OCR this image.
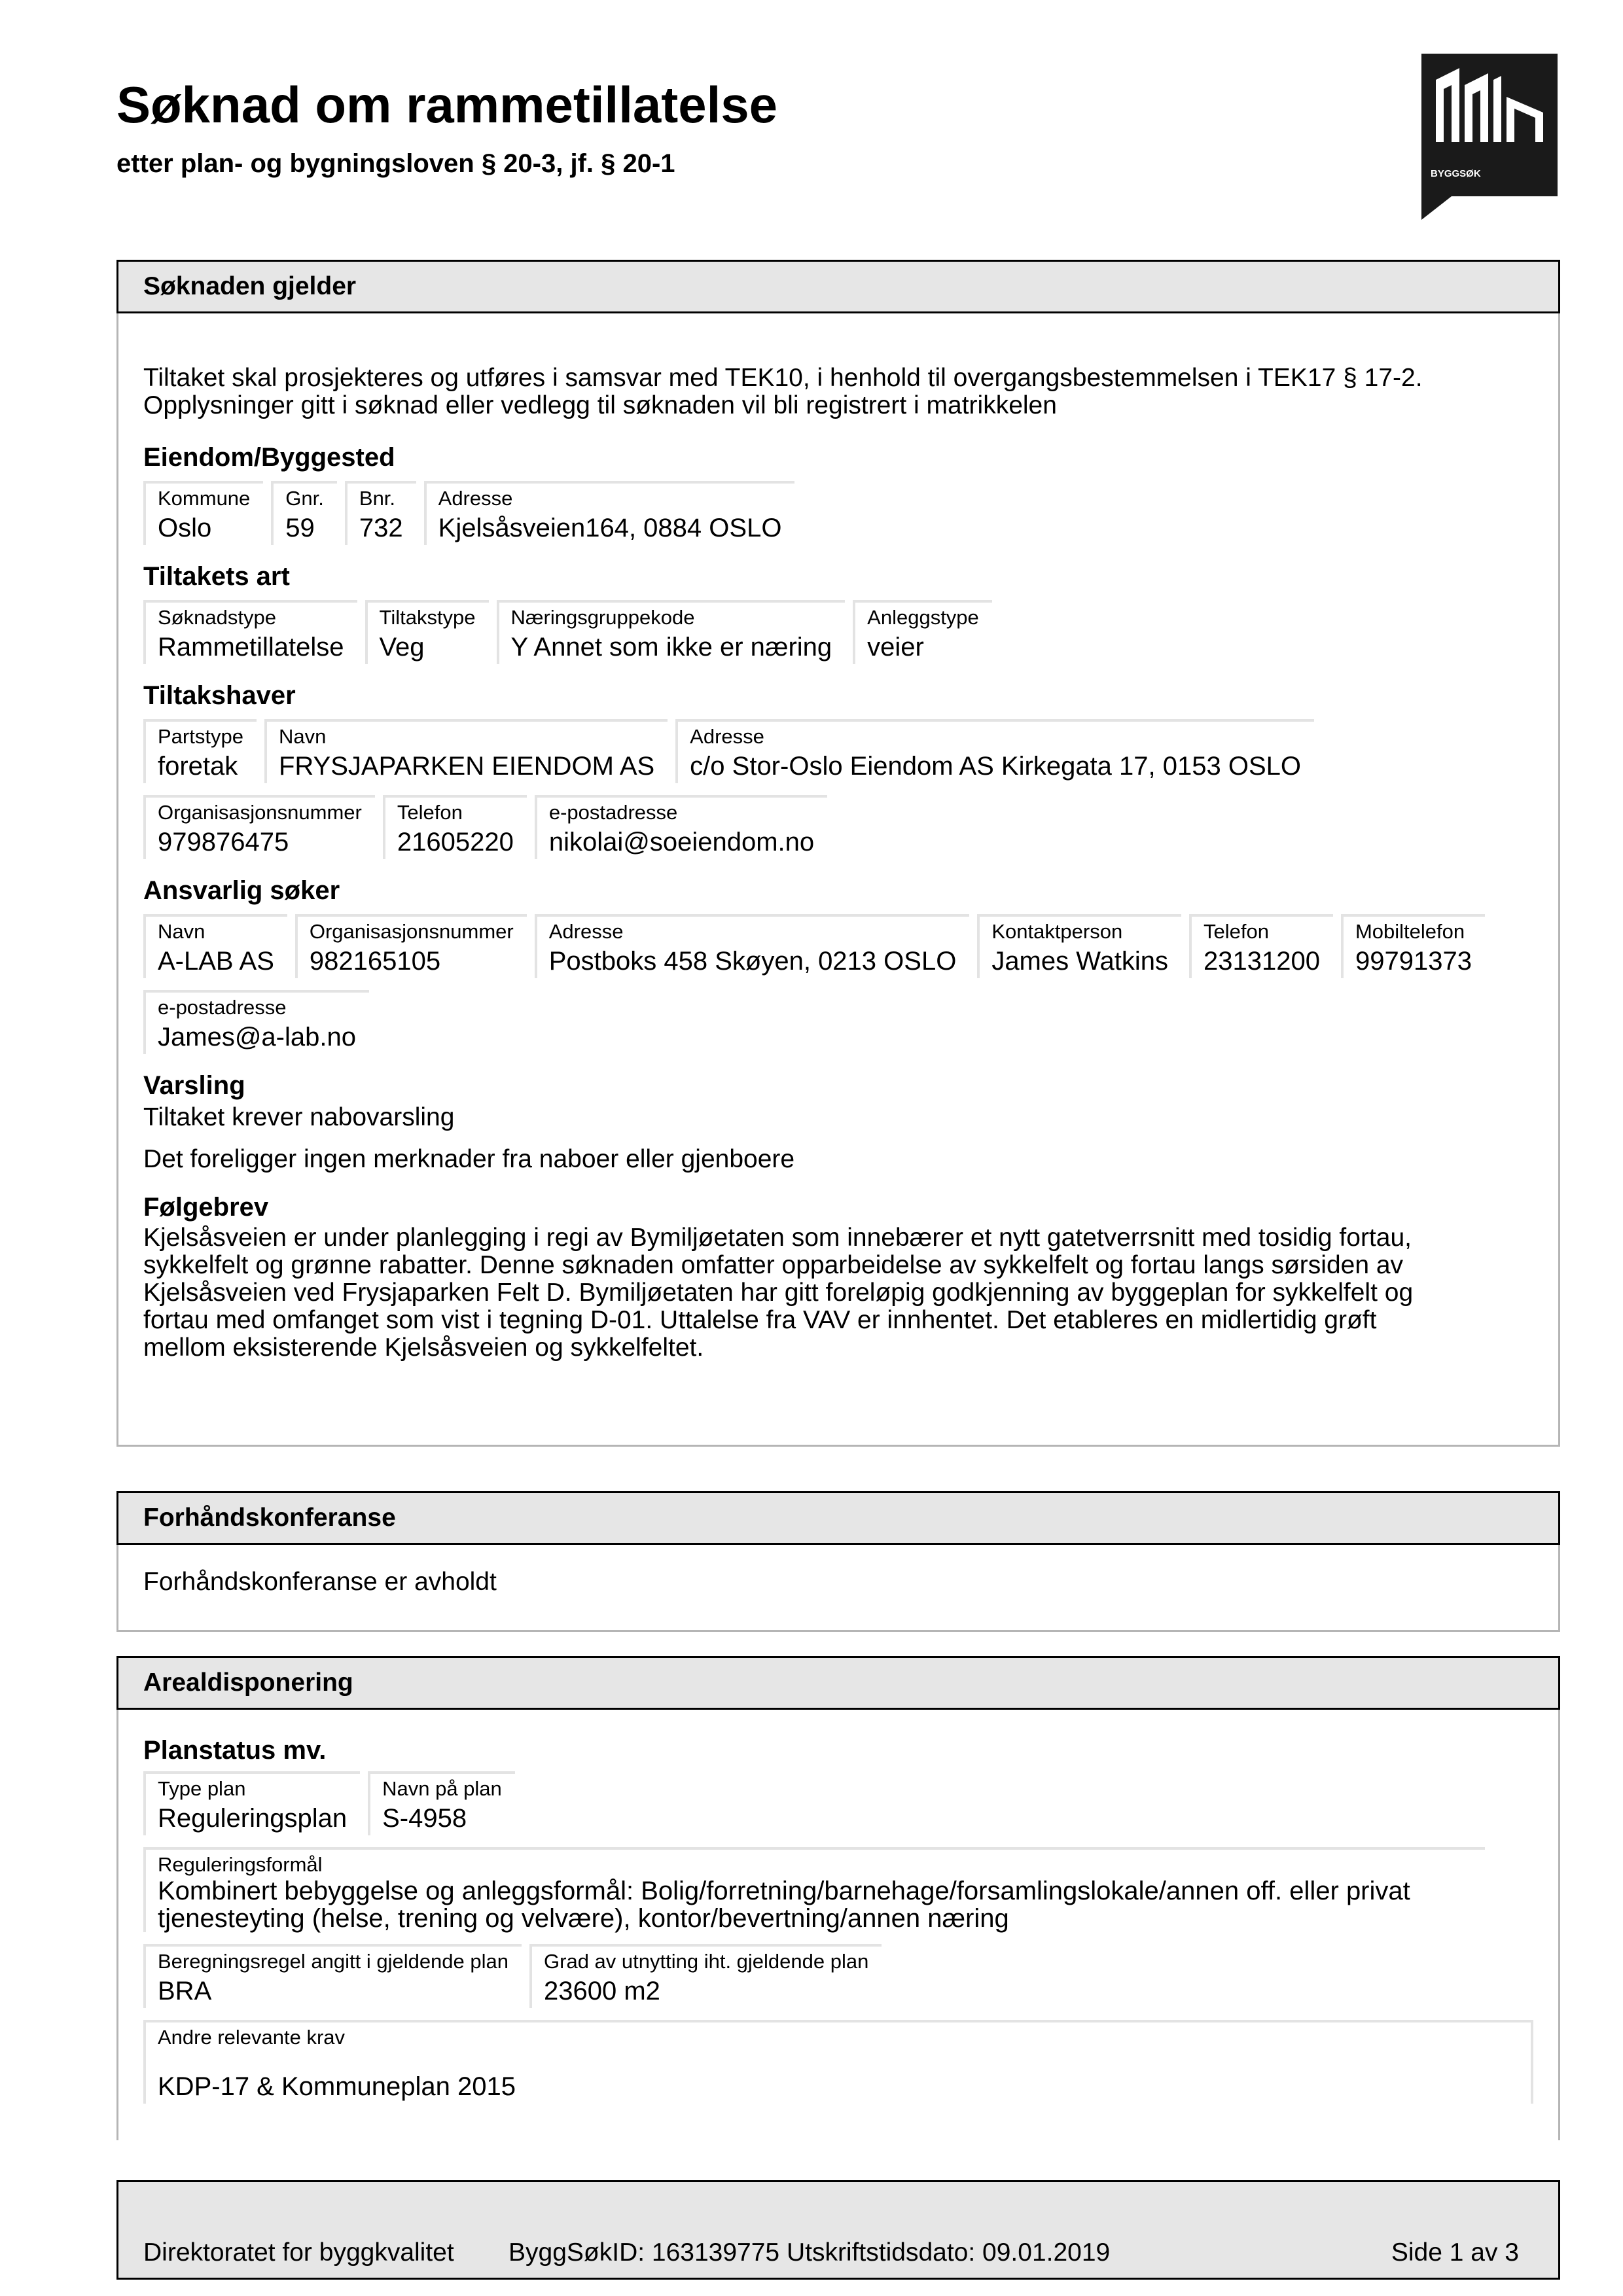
Søknad om rammetillatelse
etter plan- og bygningsloven § 20-3, jf. § 20-1	BYGGSØK
Søknaden gjelder
Tiltaket skal prosjekteres og utføres i samsvar med TEK10, i henhold til overgangsbestemmelsen i TEK17 § 17-2.
Opplysninger gitt i søknad eller vedlegg til søknaden vil bli registrert i matrikkelen
Eiendom/Byggested
Kommune
Oslo
Gnr.
59
Bnr.
732
Adresse
Kjelsåsveien164, 0884 OSLO
Tiltakets art
Søknadstype
Rammetillatelse
Tiltakstype
Veg
Næringsgruppekode
Y Annet som ikke er næring
Anleggstype
veier
Tiltakshaver
Partstype
foretak
Navn
FRYSJAPARKEN EIENDOM AS
Adresse
c/o Stor-Oslo Eiendom AS Kirkegata 17, 0153 OSLO
Organisasjonsnummer
979876475
Telefon
21605220
e-postadresse
nikolai@soeiendom.no
Ansvarlig søker
Navn
A-LAB AS
Organisasjonsnummer
982165105
Adresse
Postboks 458 Skøyen, 0213 OSLO
Kontaktperson
James Watkins
Telefon
23131200
Mobiltelefon
99791373
e-postadresse
James@a-lab.no
Varsling
Tiltaket krever nabovarsling
Det foreligger ingen merknader fra naboer eller gjenboere
Følgebrev
Kjelsåsveien er under planlegging i regi av Bymiljøetaten som innebærer et nytt gatetverrsnitt med tosidig fortau,
sykkelfelt og grønne rabatter. Denne søknaden omfatter opparbeidelse av sykkelfelt og fortau langs sørsiden av
Kjelsåsveien ved Frysjaparken Felt D. Bymiljøetaten har gitt foreløpig godkjenning av byggeplan for sykkelfelt og
fortau med omfanget som vist i tegning D-01. Uttalelse fra VAV er innhentet. Det etableres en midlertidig grøft
mellom eksisterende Kjelsåsveien og sykkelfeltet.
Forhåndskonferanse
Forhåndskonferanse er avholdt
Arealdisponering
Planstatus mv.
Type plan
Reguleringsplan
Navn på plan
S-4958
Reguleringsformål
Kombinert bebyggelse og anleggsformål: Bolig/forretning/barnehage/forsamlingslokale/annen off. eller privat
tjenesteyting (helse, trening og velvære), kontor/bevertning/annen næring
Beregningsregel angitt i gjeldende plan
BRA
Grad av utnytting iht. gjeldende plan
23600 m2
Andre relevante krav
KDP-17 & Kommuneplan 2015
Direktoratet for byggkvalitet ByggSøkID: 163139775 Utskriftstidsdato: 09.01.2019	Side 1 av 3
